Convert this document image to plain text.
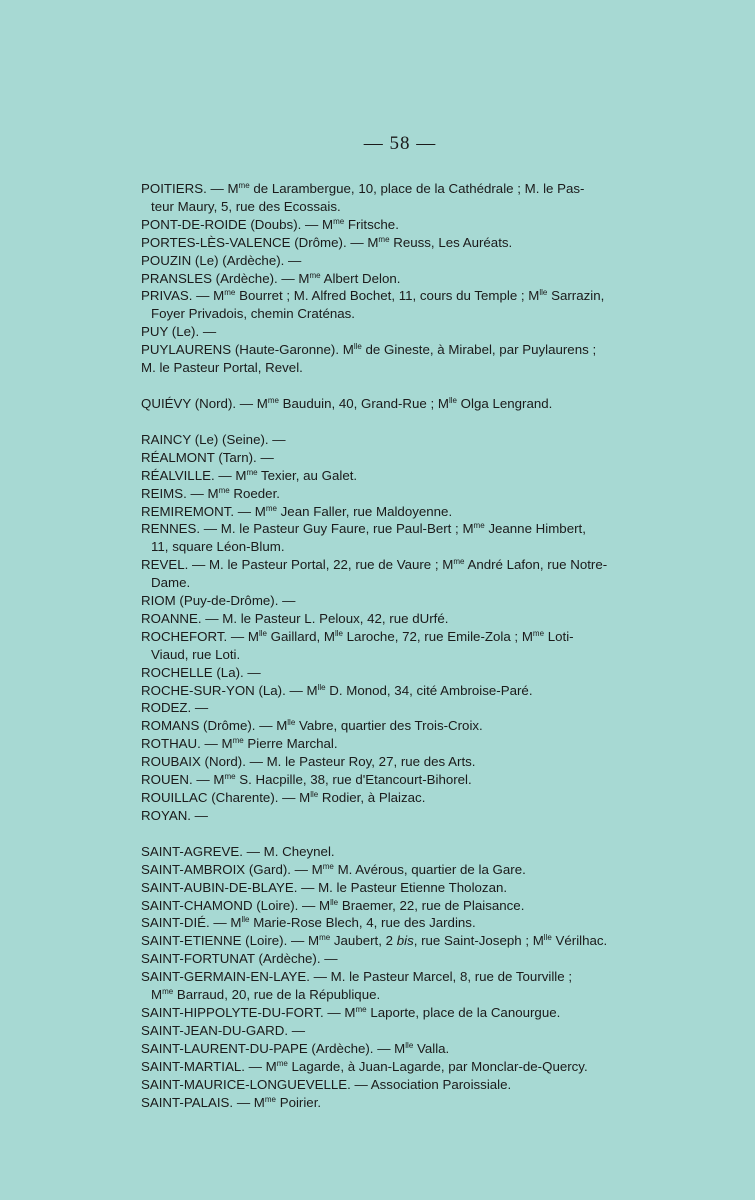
— 58 —

POITIERS. — $M^{me}$ de Larambergue, 10, place de la Cathédrale ; M. le Pas-
teur Maury, 5, rue des Ecossais.

PONT-DE-ROIDE (Doubs). — $M^{me}$ Fritsche.

PORTES-LÈS-VALENCE (Drôme). — $M^{me}$ Reuss, Les Auréats.

POUZIN (Le) (Ardèche). —

PRANSLES (Ardèche). — $M^{me}$ Albert Delon.

PRIVAS. — $M^{me}$ Bourret ; M. Alfred Bochet, 11, cours du Temple ; $M^{lle}$ Sarrazin,
Foyer Privadois, chemin Craténas.

PUY (Le). —

PUYLAURENS (Haute-Garonne). $M^{lle}$ de Gineste, à Mirabel, par Puylaurens ;
M. le Pasteur Portal, Revel.

QUIÉVY (Nord). — $M^{me}$ Bauduin, 40, Grand-Rue ; $M^{lle}$ Olga Lengrand.

RAINCY (Le) (Seine). —

RÉALMONT (Tarn). —

RÉALVILLE. — $M^{me}$ Texier, au Galet.

REIMS. — $M^{me}$ Roeder.

REMIREMONT. — $M^{me}$ Jean Faller, rue Maldoyenne.

RENNES. — M. le Pasteur Guy Faure, rue Paul-Bert ; $M^{me}$ Jeanne Himbert,
11, square Léon-Blum.

REVEL. — M. le Pasteur Portal, 22, rue de Vaure ; $M^{me}$ André Lafon, rue Notre-
Dame.

RIOM (Puy-de-Drôme). —

ROANNE. — M. le Pasteur L. Peloux, 42, rue dUrfé.

ROCHEFORT. — $M^{lle}$ Gaillard, $M^{lle}$ Laroche, 72, rue Emile-Zola ; $M^{me}$ Loti-
Viaud, rue Loti.

ROCHELLE (La). —

ROCHE-SUR-YON (La). — $M^{lle}$ D. Monod, 34, cité Ambroise-Paré.

RODEZ. —

ROMANS (Drôme). — $M^{lle}$ Vabre, quartier des Trois-Croix.

ROTHAU. — $M^{me}$ Pierre Marchal.

ROUBAIX (Nord). — M. le Pasteur Roy, 27, rue des Arts.

ROUEN. — $M^{me}$ S. Hacpille, 38, rue d'Etancourt-Bihorel.

ROUILLAC (Charente). — $M^{lle}$ Rodier, à Plaizac.

ROYAN. —

SAINT-AGREVE. — M. Cheynel.

SAINT-AMBROIX (Gard). — $M^{me}$ M. Avérous, quartier de la Gare.

SAINT-AUBIN-DE-BLAYE. — M. le Pasteur Etienne Tholozan.

SAINT-CHAMOND (Loire). — $M^{lle}$ Braemer, 22, rue de Plaisance.

SAINT-DIÉ. — $M^{lle}$ Marie-Rose Blech, 4, rue des Jardins.

SAINT-ETIENNE (Loire). — $M^{me}$ Jaubert, 2 bis, rue Saint-Joseph ; $M^{lle}$ Vérilhac.

SAINT-FORTUNAT (Ardèche). —

SAINT-GERMAIN-EN-LAYE. — M. le Pasteur Marcel, 8, rue de Tourville ;
$M^{me}$ Barraud, 20, rue de la République.

SAINT-HIPPOLYTE-DU-FORT. — $M^{me}$ Laporte, place de la Canourgue.

SAINT-JEAN-DU-GARD. —

SAINT-LAURENT-DU-PAPE (Ardèche). — $M^{lle}$ Valla.

SAINT-MARTIAL. — $M^{me}$ Lagarde, à Juan-Lagarde, par Monclar-de-Quercy.

SAINT-MAURICE-LONGUEVELLE. — Association Paroissiale.

SAINT-PALAIS. — $M^{me}$ Poirier.
